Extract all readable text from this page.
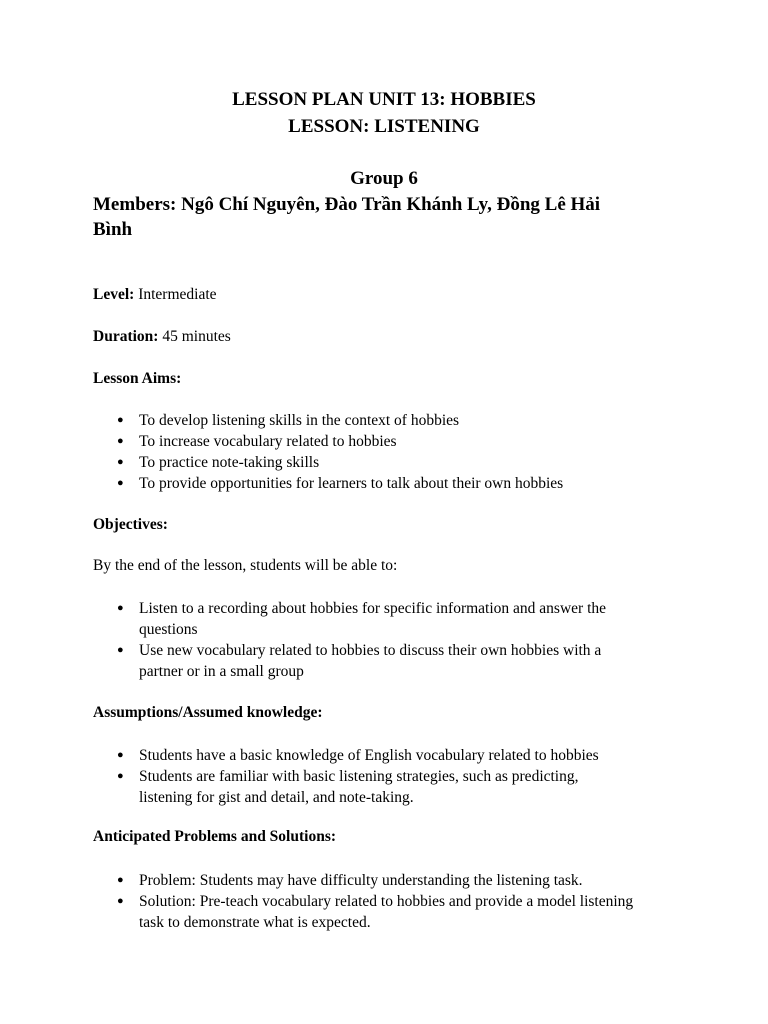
LESSON PLAN UNIT 13: HOBBIES
LESSON: LISTENING
Group 6
Members: Ngô Chí Nguyên, Đào Trần Khánh Ly, Đồng Lê Hải
Bình
Level: Intermediate
Duration: 45 minutes
Lesson Aims:
● To develop listening skills in the context of hobbies
● To increase vocabulary related to hobbies
● To practice note-taking skills
● To provide opportunities for learners to talk about their own hobbies
Objectives:
By the end of the lesson, students will be able to:
● Listen to a recording about hobbies for specific information and answer the
questions
● Use new vocabulary related to hobbies to discuss their own hobbies with a
partner or in a small group
Assumptions/Assumed knowledge:
● Students have a basic knowledge of English vocabulary related to hobbies
● Students are familiar with basic listening strategies, such as predicting,
listening for gist and detail, and note-taking.
Anticipated Problems and Solutions:
● Problem: Students may have difficulty understanding the listening task.
● Solution: Pre-teach vocabulary related to hobbies and provide a model listening
task to demonstrate what is expected.
